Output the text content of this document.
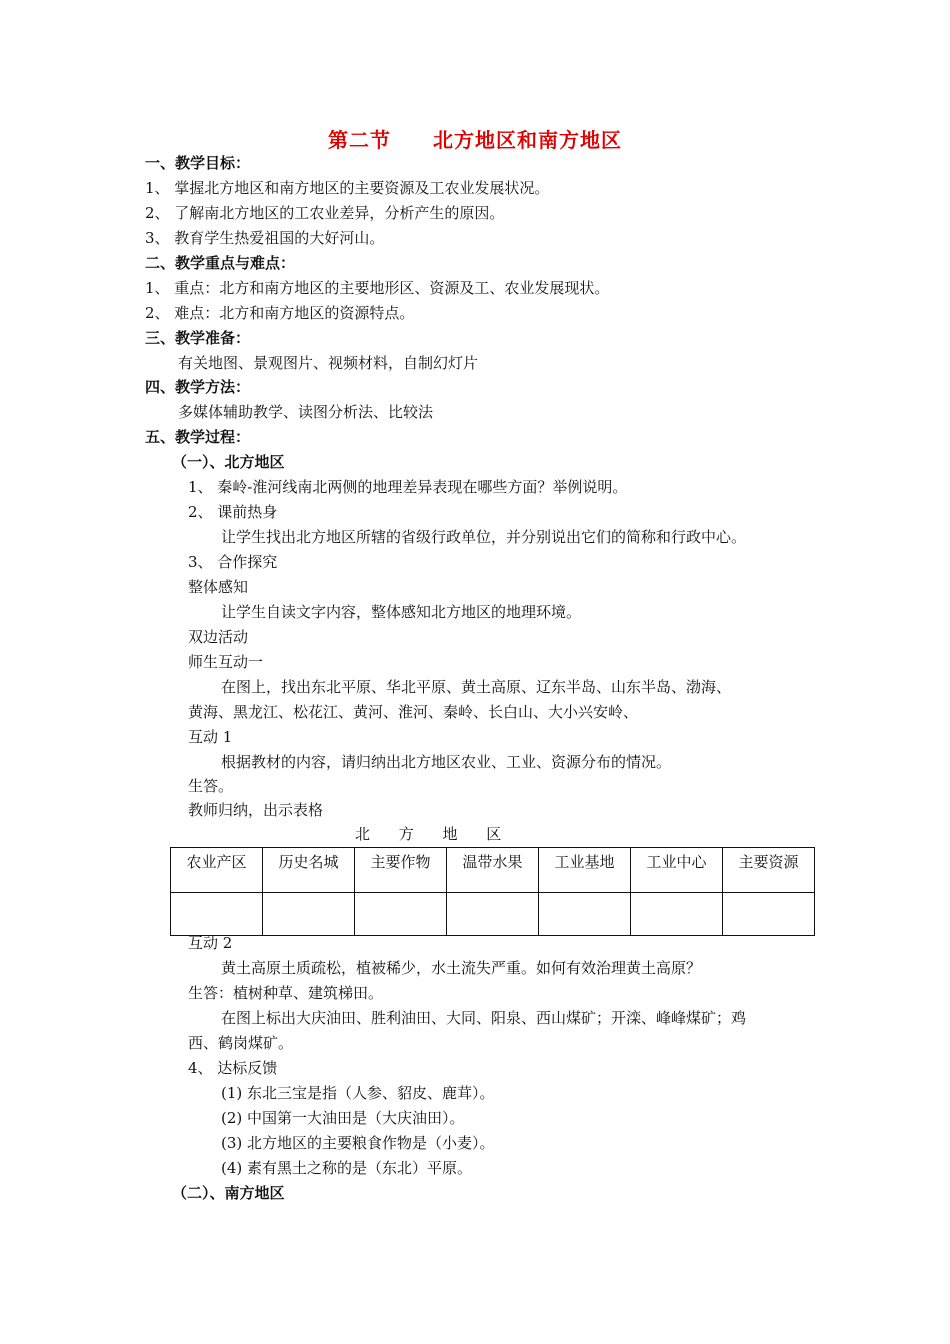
第二节　　北方地区和南方地区
一、教学目标：
1、 掌握北方地区和南方地区的主要资源及工农业发展状况。
2、 了解南北方地区的工农业差异，分析产生的原因。
3、 教育学生热爱祖国的大好河山。
二、教学重点与难点：
1、 重点：北方和南方地区的主要地形区、资源及工、农业发展现状。
2、 难点：北方和南方地区的资源特点。
三、教学准备：
有关地图、景观图片、视频材料，自制幻灯片
四、教学方法：
多媒体辅助教学、读图分析法、比较法
五、教学过程：
（一）、北方地区
1、 秦岭-淮河线南北两侧的地理差异表现在哪些方面？举例说明。
2、 课前热身
让学生找出北方地区所辖的省级行政单位，并分别说出它们的简称和行政中心。
3、 合作探究
整体感知
让学生自读文字内容，整体感知北方地区的地理环境。
双边活动
师生互动一
在图上，找出东北平原、华北平原、黄土高原、辽东半岛、山东半岛、渤海、
黄海、黑龙江、松花江、黄河、淮河、秦岭、长白山、大小兴安岭、
互动 1
根据教材的内容，请归纳出北方地区农业、工业、资源分布的情况。
生答。
教师归纳，出示表格
北 方 地 区
农业产区	历史名城	主要作物	温带水果	工业基地	工业中心	主要资源

互动 2
黄土高原土质疏松，植被稀少，水土流失严重。如何有效治理黄土高原？
生答：植树种草、建筑梯田。
在图上标出大庆油田、胜利油田、大同、阳泉、西山煤矿；开滦、峰峰煤矿；鸡
西、鹤岗煤矿。
4、 达标反馈
(1) 东北三宝是指（人参、貂皮、鹿茸）。
(2) 中国第一大油田是（大庆油田）。
(3) 北方地区的主要粮食作物是（小麦）。
(4) 素有黑土之称的是（东北）平原。
（二）、南方地区
